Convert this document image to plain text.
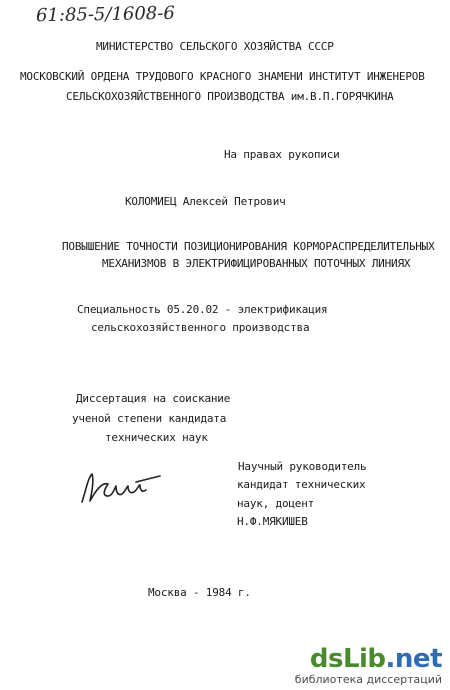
61:85-5/1608-6
МИНИСТЕРСТВО СЕЛЬСКОГО ХОЗЯЙСТВА СССР
МОСКОВСКИЙ ОРДЕНА ТРУДОВОГО КРАСНОГО ЗНАМЕНИ ИНСТИТУТ ИНЖЕНЕРОВ
СЕЛЬСКОХОЗЯЙСТВЕННОГО ПРОИЗВОДСТВА им.В.П.ГОРЯЧКИНА
На правах рукописи
КОЛОМИЕЦ Алексей Петрович
ПОВЫШЕНИЕ ТОЧНОСТИ ПОЗИЦИОНИРОВАНИЯ КОРМОРАСПРЕДЕЛИТЕЛЬНЫХ
МЕХАНИЗМОВ В ЭЛЕКТРИФИЦИРОВАННЫХ ПОТОЧНЫХ ЛИНИЯХ
Специальность 05.20.02 - электрификация
сельскохозяйственного производства
Диссертация на соискание
ученой степени кандидата
технических наук
Научный руководитель
кандидат технических
наук, доцент
Н.Ф.МЯКИШЕВ
Москва - 1984 г.
dsLib.net
библиотека диссертаций
